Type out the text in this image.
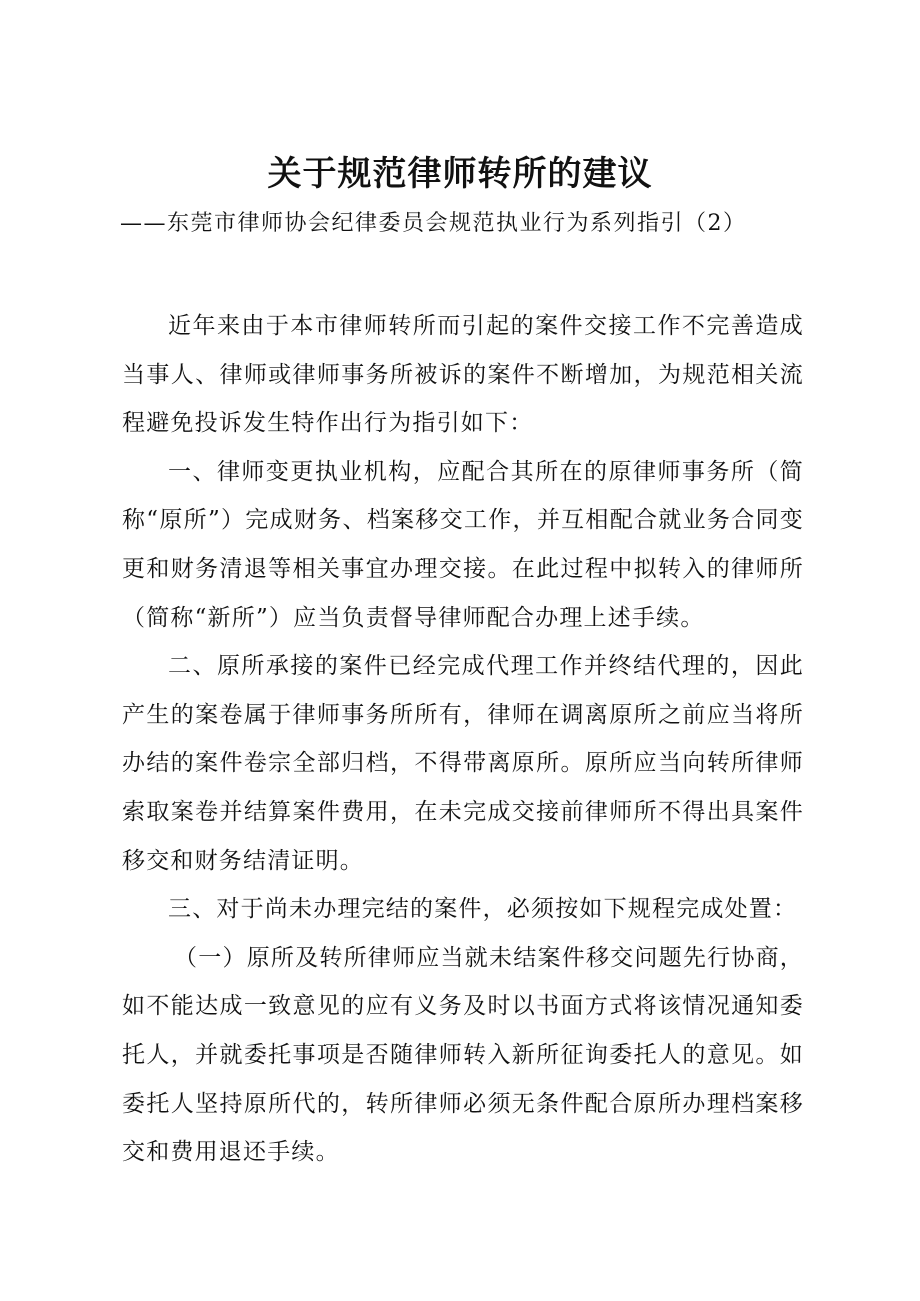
关于规范律师转所的建议

——东莞市律师协会纪律委员会规范执业行为系列指引（2）

近年来由于本市律师转所而引起的案件交接工作不完善造成当事人、律师或律师事务所被诉的案件不断增加，为规范相关流程避免投诉发生特作出行为指引如下：

一、律师变更执业机构，应配合其所在的原律师事务所（简称“原所”）完成财务、档案移交工作，并互相配合就业务合同变更和财务清退等相关事宜办理交接。在此过程中拟转入的律师所（简称“新所”）应当负责督导律师配合办理上述手续。

二、原所承接的案件已经完成代理工作并终结代理的，因此产生的案卷属于律师事务所所有，律师在调离原所之前应当将所办结的案件卷宗全部归档，不得带离原所。原所应当向转所律师索取案卷并结算案件费用，在未完成交接前律师所不得出具案件移交和财务结清证明。

三、对于尚未办理完结的案件，必须按如下规程完成处置：

（一）原所及转所律师应当就未结案件移交问题先行协商，如不能达成一致意见的应有义务及时以书面方式将该情况通知委托人，并就委托事项是否随律师转入新所征询委托人的意见。如委托人坚持原所代的，转所律师必须无条件配合原所办理档案移交和费用退还手续。
